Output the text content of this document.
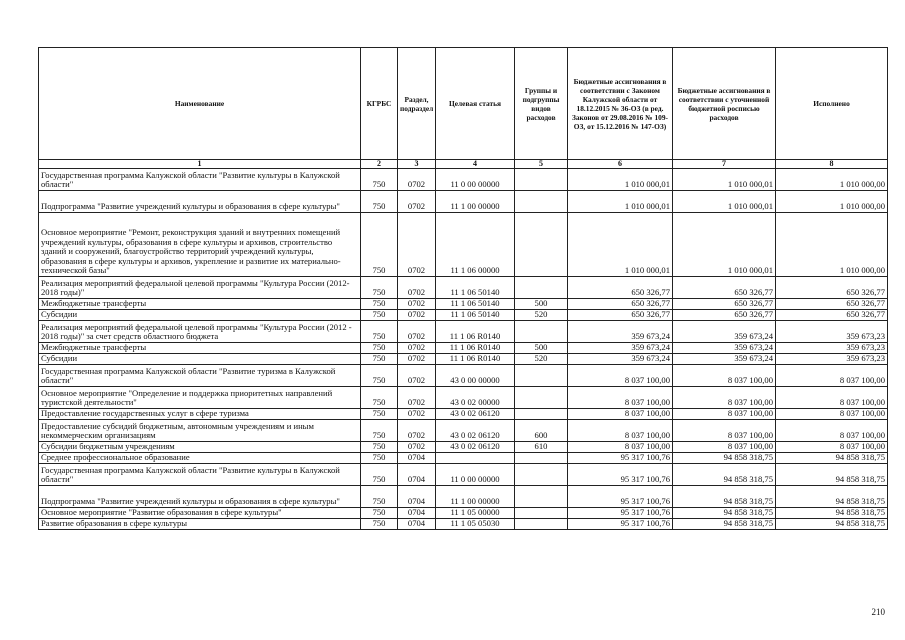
Наименование	КГРБС	Раздел, подраздел	Целевая статья	Группы и подгруппы видов расходов	Бюджетные ассигнования в соответствии с Законом Калужской области от 18.12.2015 № 36-ОЗ (в ред. Законов от 29.08.2016 № 109-ОЗ, от 15.12.2016 № 147-ОЗ)	Бюджетные ассигнования в соответствии с уточненной бюджетной росписью расходов	Исполнено
1	2	3	4	5	6	7	8
Государственная программа Калужской области "Развитие культуры в Калужской области"	750	0702	11 0 00 00000		1 010 000,01	1 010 000,01	1 010 000,00
Подпрограмма "Развитие учреждений культуры и образования в сфере культуры"	750	0702	11 1 00 00000		1 010 000,01	1 010 000,01	1 010 000,00
Основное мероприятие "Ремонт, реконструкция зданий и внутренних помещений учреждений культуры, образования в сфере культуры и архивов, строительство зданий и сооружений, благоустройство территорий учреждений культуры, образования в сфере культуры и архивов, укрепление и развитие их материально-технической базы"	750	0702	11 1 06 00000		1 010 000,01	1 010 000,01	1 010 000,00
Реализация мероприятий федеральной целевой программы "Культура России (2012-2018 годы)"	750	0702	11 1 06 50140		650 326,77	650 326,77	650 326,77
Межбюджетные трансферты	750	0702	11 1 06 50140	500	650 326,77	650 326,77	650 326,77
Субсидии	750	0702	11 1 06 50140	520	650 326,77	650 326,77	650 326,77
Реализация мероприятий федеральной целевой программы "Культура России (2012 - 2018 годы)" за счет средств областного бюджета	750	0702	11 1 06 R0140		359 673,24	359 673,24	359 673,23
Межбюджетные трансферты	750	0702	11 1 06 R0140	500	359 673,24	359 673,24	359 673,23
Субсидии	750	0702	11 1 06 R0140	520	359 673,24	359 673,24	359 673,23
Государственная программа Калужской области "Развитие туризма в Калужской области"	750	0702	43 0 00 00000		8 037 100,00	8 037 100,00	8 037 100,00
Основное мероприятие "Определение и поддержка приоритетных направлений туристской деятельности"	750	0702	43 0 02 00000		8 037 100,00	8 037 100,00	8 037 100,00
Предоставление государственных услуг в сфере туризма	750	0702	43 0 02 06120		8 037 100,00	8 037 100,00	8 037 100,00
Предоставление субсидий бюджетным, автономным учреждениям и иным некоммерческим организациям	750	0702	43 0 02 06120	600	8 037 100,00	8 037 100,00	8 037 100,00
Субсидии бюджетным учреждениям	750	0702	43 0 02 06120	610	8 037 100,00	8 037 100,00	8 037 100,00
Среднее профессиональное образование	750	0704			95 317 100,76	94 858 318,75	94 858 318,75
Государственная программа Калужской области "Развитие культуры в Калужской области"	750	0704	11 0 00 00000		95 317 100,76	94 858 318,75	94 858 318,75
Подпрограмма "Развитие учреждений культуры и образования в сфере культуры"	750	0704	11 1 00 00000		95 317 100,76	94 858 318,75	94 858 318,75
Основное мероприятие "Развитие образования в сфере культуры"	750	0704	11 1 05 00000		95 317 100,76	94 858 318,75	94 858 318,75
Развитие образования в сфере культуры	750	0704	11 1 05 05030		95 317 100,76	94 858 318,75	94 858 318,75
210
